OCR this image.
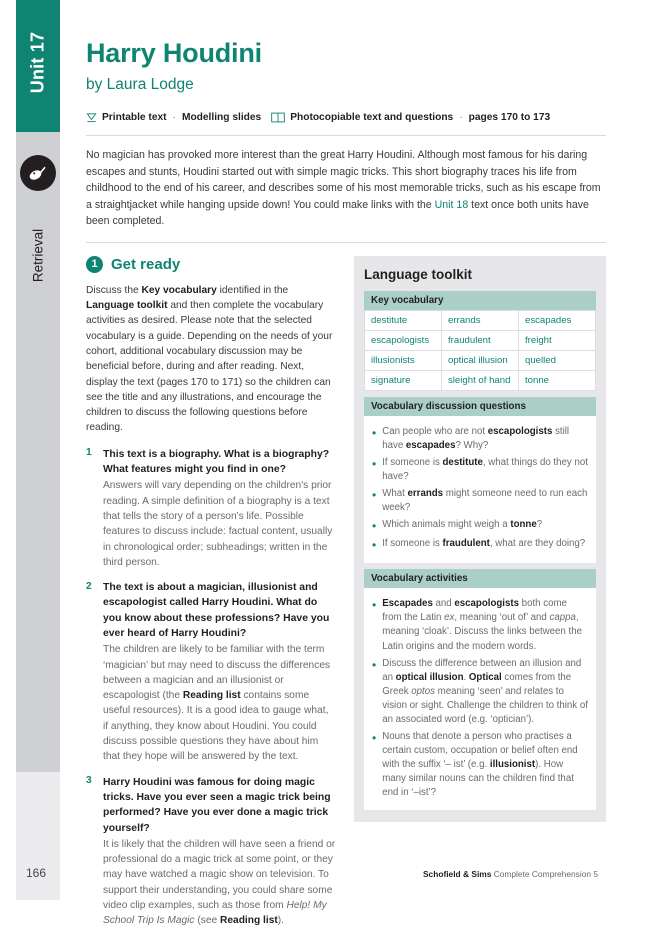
Unit 17
Retrieval
Harry Houdini
by Laura Lodge
Printable text · Modelling slides	Photocopiable text and questions · pages 170 to 173

No magician has provoked more interest than the great Harry Houdini. Although most famous for his daring escapes and stunts, Houdini started out with simple magic tricks. This short biography traces his life from childhood to the end of his career, and describes some of his most memorable tricks, such as his escape from a straightjacket while hanging upside down! You could make links with the Unit 18 text once both units have been completed.

1 Get ready

Discuss the Key vocabulary identified in the Language toolkit and then complete the vocabulary activities as desired. Please note that the selected vocabulary is a guide. Depending on the needs of your cohort, additional vocabulary discussion may be beneficial before, during and after reading. Next, display the text (pages 170 to 171) so the children can see the title and any illustrations, and encourage the children to discuss the following questions before reading.

1	This text is a biography. What is a biography? What features might you find in one?
Answers will vary depending on the children's prior reading. A simple definition of a biography is a text that tells the story of a person's life. Possible features to discuss include: factual content, usually in chronological order; subheadings; written in the third person.
2	The text is about a magician, illusionist and escapologist called Harry Houdini. What do you know about these professions? Have you ever heard of Harry Houdini?
The children are likely to be familiar with the term ‘magician’ but may need to discuss the differences between a magician and an illusionist or escapologist (the Reading list contains some useful resources). It is a good idea to gauge what, if anything, they know about Houdini. You could discuss possible questions they have about him that they hope will be answered by the text.
3	Harry Houdini was famous for doing magic tricks. Have you ever seen a magic trick being performed? Have you ever done a magic trick yourself?
It is likely that the children will have seen a friend or professional do a magic trick at some point, or they may have watched a magic show on television. To support their understanding, you could share some video clip examples, such as those from Help! My School Trip Is Magic (see Reading list).
Language toolkit
Key vocabulary
destitute	errands	escapades
escapologists	fraudulent	freight
illusionists	optical illusion	quelled
signature	sleight of hand	tonne
Vocabulary discussion questions
• Can people who are not escapologists still have escapades? Why?
• If someone is destitute, what things do they not have?
• What errands might someone need to run each week?
• Which animals might weigh a tonne?
• If someone is fraudulent, what are they doing?
Vocabulary activities
• Escapades and escapologists both come from the Latin ex, meaning ‘out of’ and cappa, meaning ‘cloak’. Discuss the links between the Latin origins and the modern words.
• Discuss the difference between an illusion and an optical illusion. Optical comes from the Greek optos meaning ‘seen’ and relates to vision or sight. Challenge the children to think of an associated word (e.g. ‘optician’).
• Nouns that denote a person who practises a certain custom, occupation or belief often end with the suffix ‘– ist’ (e.g. illusionist). How many similar nouns can the children find that end in ‘–ist’?
166	Schofield & Sims Complete Comprehension 5
